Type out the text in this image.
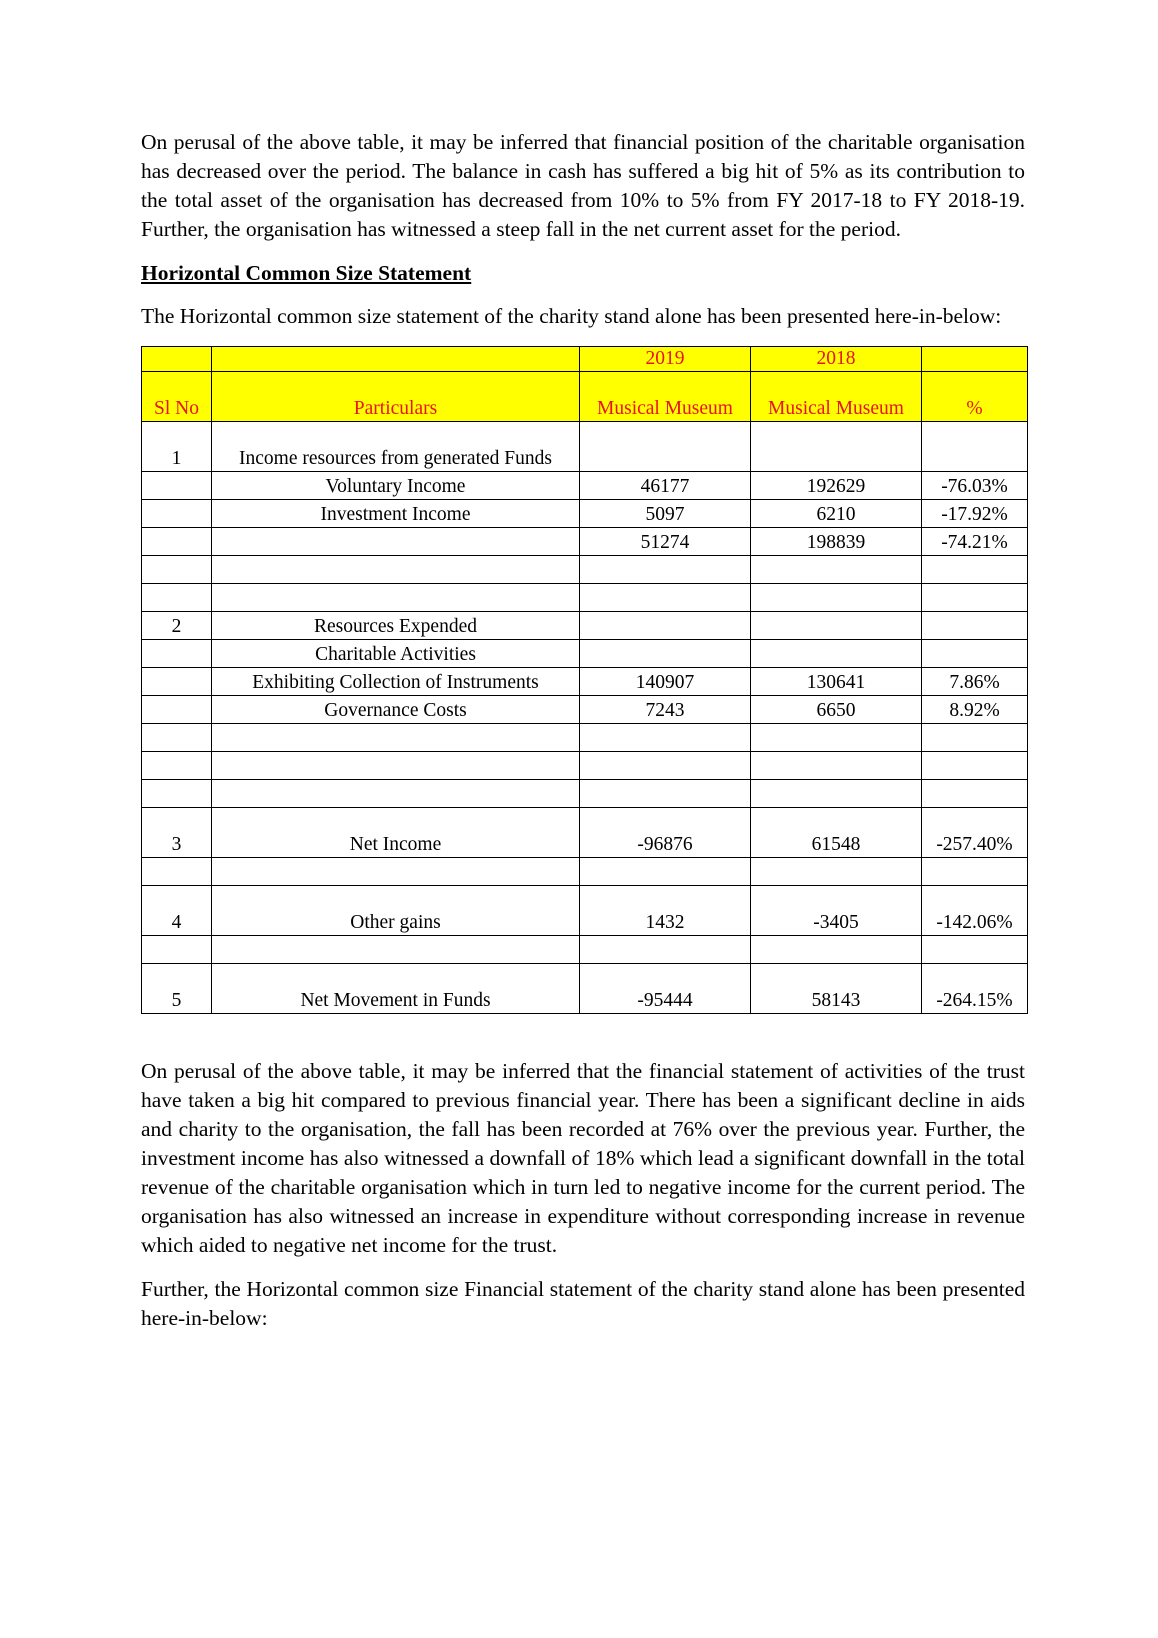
On perusal of the above table, it may be inferred that financial position of the charitable organisation has decreased over the period. The balance in cash has suffered a big hit of 5% as its contribution to the total asset of the organisation has decreased from 10% to 5% from FY 2017-18 to FY 2018-19. Further, the organisation has witnessed a steep fall in the net current asset for the period.

Horizontal Common Size Statement

The Horizontal common size statement of the charity stand alone has been presented here-in-below:

		2019	2018	
Sl No	Particulars	Musical Museum	Musical Museum	%
1	Income resources from generated Funds			
	Voluntary Income	46177	192629	-76.03%
	Investment Income	5097	6210	-17.92%
		51274	198839	-74.21%

2	Resources Expended			
	Charitable Activities			
	Exhibiting Collection of Instruments	140907	130641	7.86%
	Governance Costs	7243	6650	8.92%

3	Net Income	-96876	61548	-257.40%

4	Other gains	1432	-3405	-142.06%

5	Net Movement in Funds	-95444	58143	-264.15%

On perusal of the above table, it may be inferred that the financial statement of activities of the trust have taken a big hit compared to previous financial year. There has been a significant decline in aids and charity to the organisation, the fall has been recorded at 76% over the previous year. Further, the investment income has also witnessed a downfall of 18% which lead a significant downfall in the total revenue of the charitable organisation which in turn led to negative income for the current period. The organisation has also witnessed an increase in expenditure without corresponding increase in revenue which aided to negative net income for the trust.

Further, the Horizontal common size Financial statement of the charity stand alone has been presented here-in-below:
